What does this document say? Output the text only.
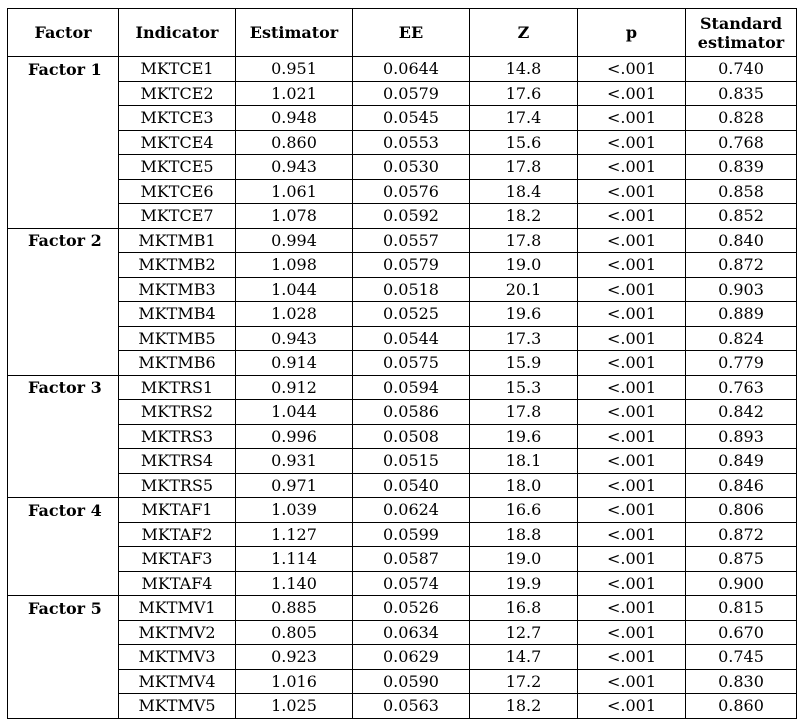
Factor	Indicator	Estimator	EE	Z	p	Standard
estimator
Factor 1	MKTCE1	0.951	0.0644	14.8	<.001	0.740
	MKTCE2	1.021	0.0579	17.6	<.001	0.835
	MKTCE3	0.948	0.0545	17.4	<.001	0.828
	MKTCE4	0.860	0.0553	15.6	<.001	0.768
	MKTCE5	0.943	0.0530	17.8	<.001	0.839
	MKTCE6	1.061	0.0576	18.4	<.001	0.858
	MKTCE7	1.078	0.0592	18.2	<.001	0.852
Factor 2	MKTMB1	0.994	0.0557	17.8	<.001	0.840
	MKTMB2	1.098	0.0579	19.0	<.001	0.872
	MKTMB3	1.044	0.0518	20.1	<.001	0.903
	MKTMB4	1.028	0.0525	19.6	<.001	0.889
	MKTMB5	0.943	0.0544	17.3	<.001	0.824
	MKTMB6	0.914	0.0575	15.9	<.001	0.779
Factor 3	MKTRS1	0.912	0.0594	15.3	<.001	0.763
	MKTRS2	1.044	0.0586	17.8	<.001	0.842
	MKTRS3	0.996	0.0508	19.6	<.001	0.893
	MKTRS4	0.931	0.0515	18.1	<.001	0.849
	MKTRS5	0.971	0.0540	18.0	<.001	0.846
Factor 4	MKTAF1	1.039	0.0624	16.6	<.001	0.806
	MKTAF2	1.127	0.0599	18.8	<.001	0.872
	MKTAF3	1.114	0.0587	19.0	<.001	0.875
	MKTAF4	1.140	0.0574	19.9	<.001	0.900
Factor 5	MKTMV1	0.885	0.0526	16.8	<.001	0.815
	MKTMV2	0.805	0.0634	12.7	<.001	0.670
	MKTMV3	0.923	0.0629	14.7	<.001	0.745
	MKTMV4	1.016	0.0590	17.2	<.001	0.830
	MKTMV5	1.025	0.0563	18.2	<.001	0.860
